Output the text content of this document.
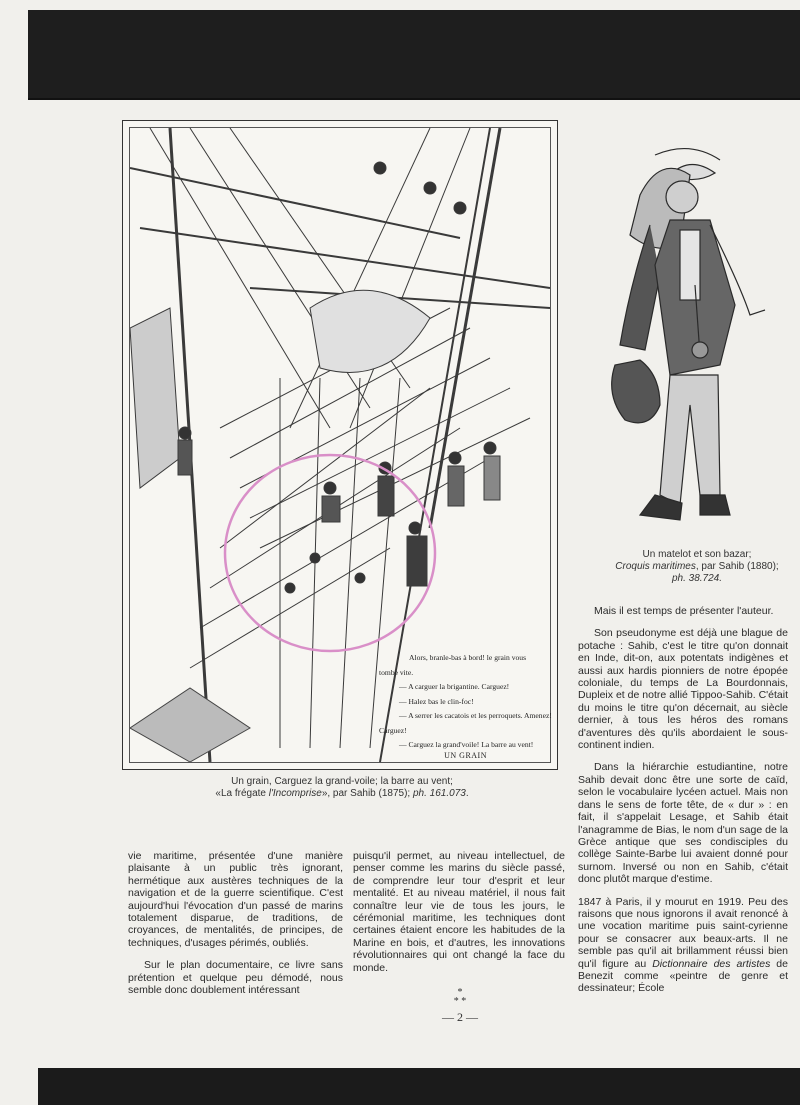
UN GRAIN
Alors, branle-bas à bord! le grain vous
tombe vite.
— A carguer la brigantine. Carguez!
— Halez bas le clin-foc!
— A serrer les cacatois et les perroquets. Amenez!
Carguez!
— Carguez la grand'voile! La barre au vent!
Un grain, Carguez la grand-voile; la barre au vent;
«La frégate l'Incomprise», par Sahib (1875); ph. 161.073.
Un matelot et son bazar;
Croquis maritimes, par Sahib (1880);
ph. 38.724.

Mais il est temps de présenter l'auteur.

Son pseudonyme est déjà une blague de potache : Sahib, c'est le titre qu'on donnait en Inde, dit-on, aux potentats indigènes et aussi aux hardis pionniers de notre épopée coloniale, du temps de La Bourdonnais, Dupleix et de notre allié Tippoo-Sahib. C'était du moins le titre qu'on décernait, au siècle dernier, à tous les héros des romans d'aventures dès qu'ils abordaient le sous-continent indien.

Dans la hiérarchie estudiantine, notre Sahib devait donc être une sorte de caïd, selon le vocabulaire lycéen actuel. Mais non dans le sens de forte tête, de « dur » : en fait, il s'appelait Lesage, et Sahib était l'anagramme de Bias, le nom d'un sage de la Grèce antique que ses condisciples du collège Sainte-Barbe lui avaient donné pour surnom. Inversé ou non en Sahib, c'était donc plutôt marque d'estime.

1847 à Paris, il y mourut en 1919. Peu des raisons que nous ignorons il avait renoncé à une vocation maritime puis saint-cyrienne pour se consacrer aux beaux-arts. Il ne semble pas qu'il ait brillamment réussi bien qu'il figure au Dictionnaire des artistes de Benezit comme «peintre de genre et dessinateur; École

vie maritime, présentée d'une manière plaisante à un public très ignorant, hermétique aux austères techniques de la navigation et de la guerre scientifique. C'est aujourd'hui l'évocation d'un passé de marins totalement disparue, de traditions, de croyances, de mentalités, de principes, de techniques, d'usages périmés, oubliés.

Sur le plan documentaire, ce livre sans prétention et quelque peu démodé, nous semble donc doublement intéressant

puisqu'il permet, au niveau intellectuel, de penser comme les marins du siècle passé, de comprendre leur tour d'esprit et leur mentalité. Et au niveau matériel, il nous fait connaître leur vie de tous les jours, le cérémonial maritime, les techniques dont certaines étaient encore les habitudes de la Marine en bois, et d'autres, les innovations révolutionnaires qui ont changé la face du monde.

*
* *
— 2 —
